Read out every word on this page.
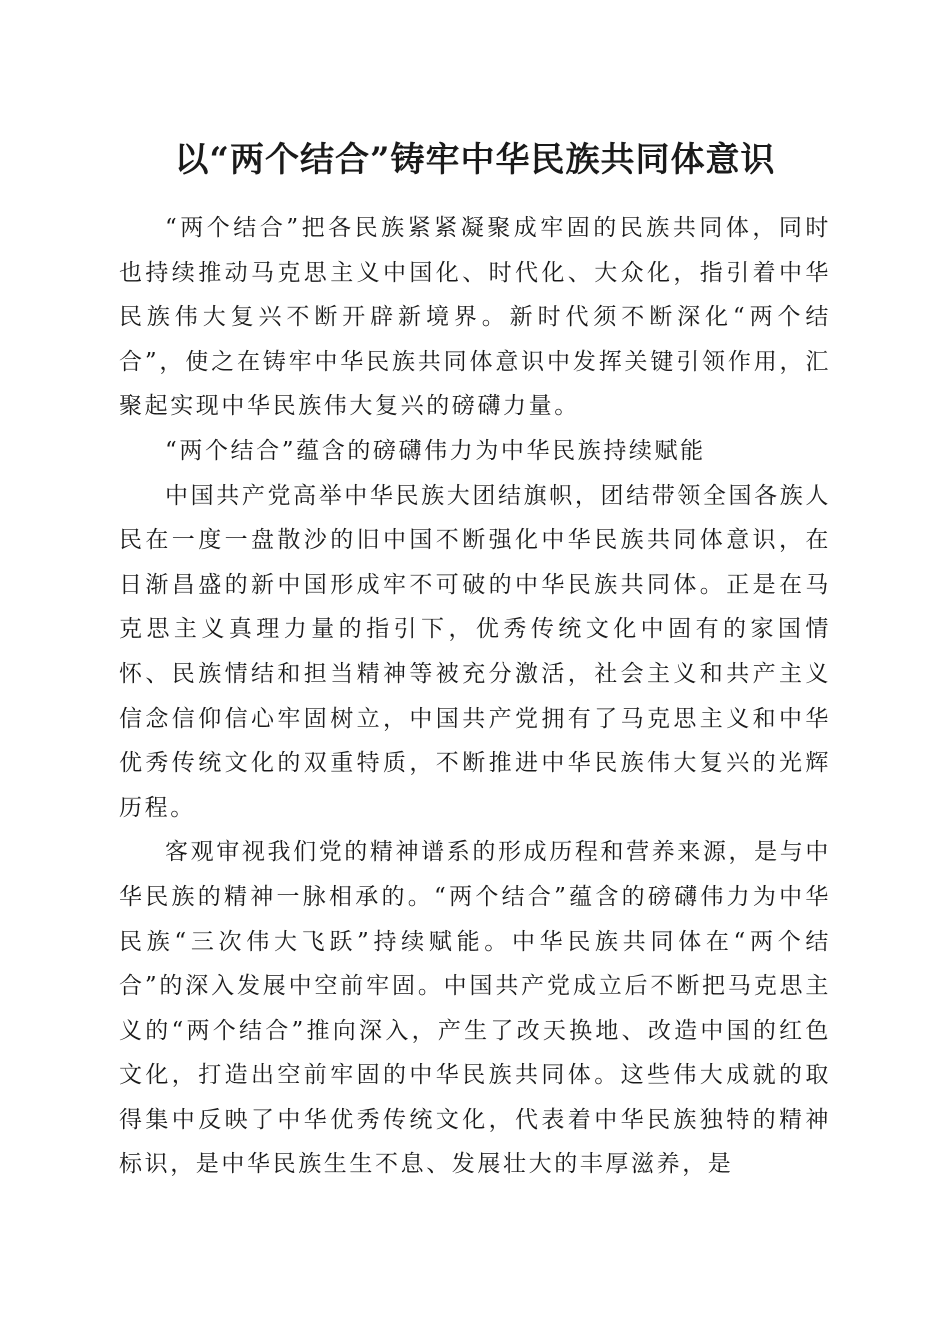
以“两个结合”铸牢中华民族共同体意识

“两个结合”把各民族紧紧凝聚成牢固的民族共同体，同时也持续推动马克思主义中国化、时代化、大众化，指引着中华民族伟大复兴不断开辟新境界。新时代须不断深化“两个结合”，使之在铸牢中华民族共同体意识中发挥关键引领作用，汇聚起实现中华民族伟大复兴的磅礴力量。

“两个结合”蕴含的磅礴伟力为中华民族持续赋能

中国共产党高举中华民族大团结旗帜，团结带领全国各族人民在一度一盘散沙的旧中国不断强化中华民族共同体意识，在日渐昌盛的新中国形成牢不可破的中华民族共同体。正是在马克思主义真理力量的指引下，优秀传统文化中固有的家国情怀、民族情结和担当精神等被充分激活，社会主义和共产主义信念信仰信心牢固树立，中国共产党拥有了马克思主义和中华优秀传统文化的双重特质，不断推进中华民族伟大复兴的光辉历程。

客观审视我们党的精神谱系的形成历程和营养来源，是与中华民族的精神一脉相承的。“两个结合”蕴含的磅礴伟力为中华民族“三次伟大飞跃”持续赋能。中华民族共同体在“两个结合”的深入发展中空前牢固。中国共产党成立后不断把马克思主义的“两个结合”推向深入，产生了改天换地、改造中国的红色文化，打造出空前牢固的中华民族共同体。这些伟大成就的取得集中反映了中华优秀传统文化，代表着中华民族独特的精神标识，是中华民族生生不息、发展壮大的丰厚滋养，是
